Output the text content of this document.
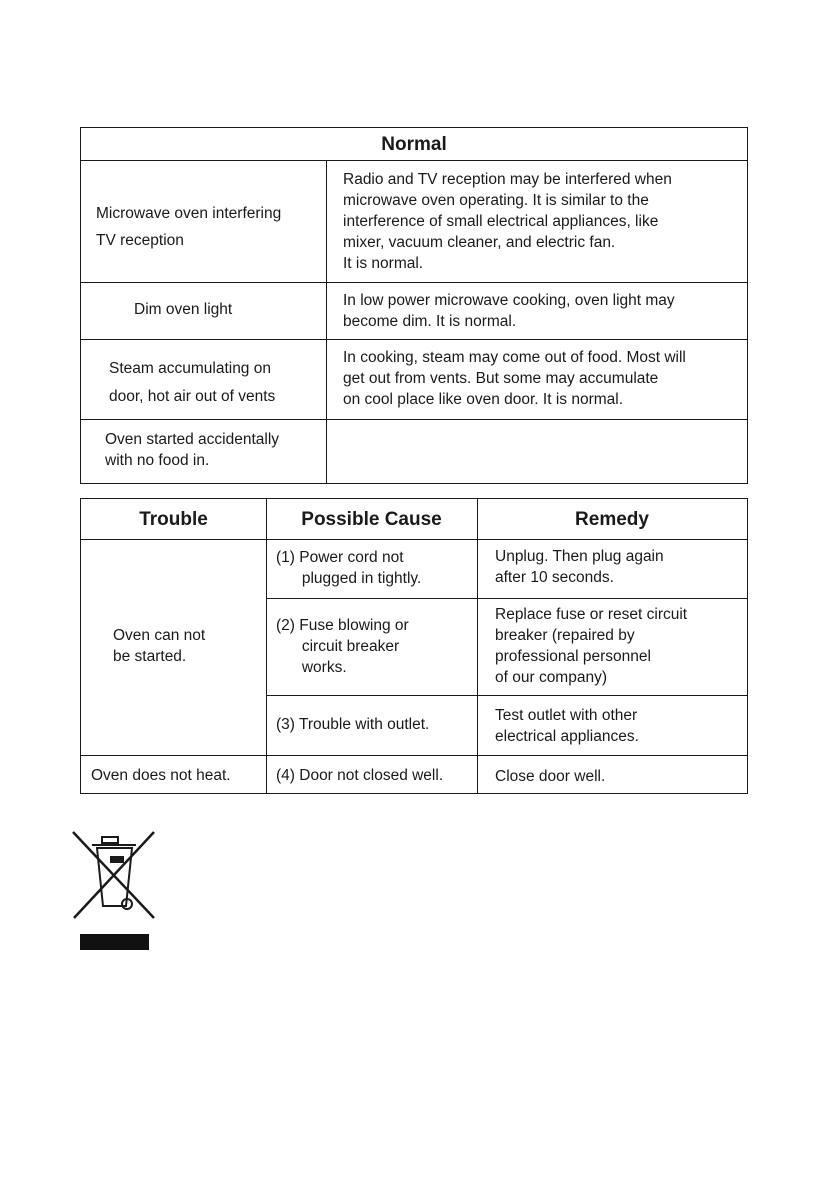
Normal
Microwave oven interfering
TV reception
Radio and TV reception may be interfered when
microwave oven operating. It is similar to the
interference of small electrical appliances, like
mixer, vacuum cleaner, and electric fan.
It is normal.
Dim oven light
In low power microwave cooking, oven light may
become dim. It is normal.
Steam accumulating on
door, hot air out of vents
In cooking, steam may come out of food. Most will
get out from vents. But some may accumulate
on cool place like oven door. It is normal.
Oven started accidentally
with no food in.
Trouble	Possible Cause	Remedy
Oven can not
be started.
Oven does not heat.
(1) Power cord not
plugged in tightly.
(2) Fuse blowing or
circuit breaker
works.
(3) Trouble with outlet.
(4) Door not closed well.
Unplug. Then plug again
after 10 seconds.
Replace fuse or reset circuit
breaker (repaired by
professional personnel
of our company)
Test outlet with other
electrical appliances.
Close door well.
